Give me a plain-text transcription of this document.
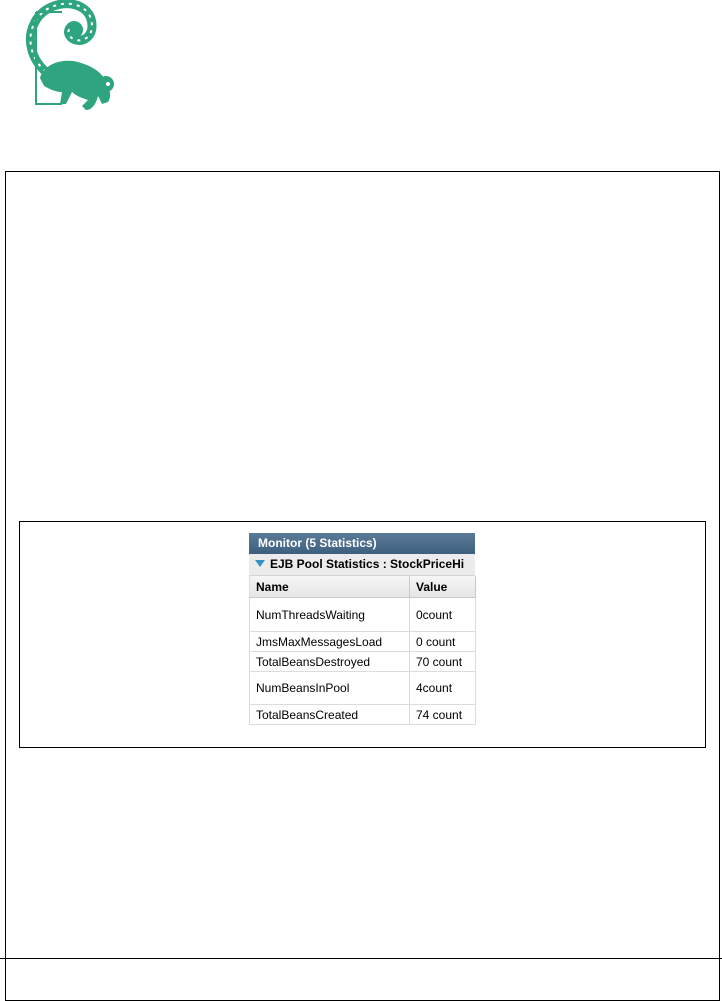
Monitor (5 Statistics)
EJB Pool Statistics : StockPriceHi
Name	Value
NumThreadsWaiting	0count
JmsMaxMessagesLoad	0 count
TotalBeansDestroyed	70 count
NumBeansInPool	4count
TotalBeansCreated	74 count
